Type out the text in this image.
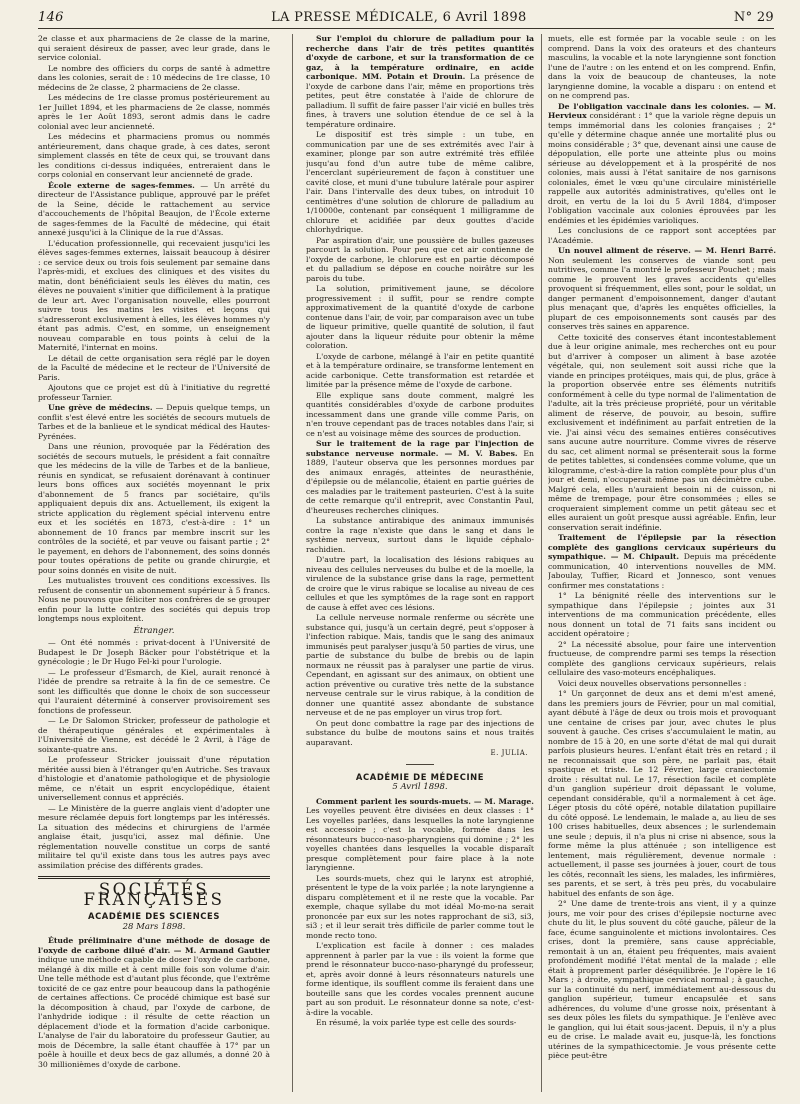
146	LA PRESSE MÉDICALE, 6 Avril 1898	N° 29

2e classe et aux pharmaciens de 2e classe de la marine, qui seraient désireux de passer, avec leur grade, dans le service colonial.

Le nombre des officiers du corps de santé à admettre dans les colonies, serait de : 10 médecins de 1re classe, 10 médecins de 2e classe, 2 pharmaciens de 2e classe.

Les médecins de 1re classe promus postérieurement au 1er Juillet 1894, et les pharmaciens de 2e classe, nommés après le 1er Août 1893, seront admis dans le cadre colonial avec leur ancienneté.

Les médecins et pharmaciens promus ou nommés antérieurement, dans chaque grade, à ces dates, seront simplement classés en tête de ceux qui, se trouvant dans les conditions ci-dessus indiquées, entreraient dans le corps colonial en conservant leur ancienneté de grade.

École externe de sages-femmes. — Un arrêté du directeur de l'Assistance publique, approuvé par le préfet de la Seine, décide le rattachement au service d'accouchements de l'hôpital Beaujon, de l'École externe de sages-femmes de la Faculté de médecine, qui était annexé jusqu'ici à la Clinique de la rue d'Assas.

L'éducation professionnelle, qui recevaient jusqu'ici les élèves sages-femmes externes, laissait beaucoup à désirer : ce service deux ou trois fois seulement par semaine dans l'après-midi, et exclues des cliniques et des visites du matin, dont bénéficiaient seuls les élèves du matin, ces élèves ne pouvaient s'initier que difficilement à la pratique de leur art. Avec l'organisation nouvelle, elles pourront suivre tous les matins les visites et leçons qui s'adresseront exclusivement à elles, les élèves hommes n'y étant pas admis. C'est, en somme, un enseignement nouveau comparable en tous points à celui de la Maternité, l'internat en moins.

Le détail de cette organisation sera réglé par le doyen de la Faculté de médecine et le recteur de l'Université de Paris.

Ajoutons que ce projet est dû à l'initiative du regretté professeur Tarnier.

Une grève de médecins. — Depuis quelque temps, un conflit s'est élevé entre les sociétés de secours mutuels de Tarbes et de la banlieue et le syndicat médical des Hautes-Pyrénées.

Dans une réunion, provoquée par la Fédération des sociétés de secours mutuels, le président a fait connaître que les médecins de la ville de Tarbes et de la banlieue, réunis en syndicat, se refusaient dorénavant à continuer leurs bons offices aux sociétés moyennant le prix d'abonnement de 5 francs par sociétaire, qu'ils appliquaient depuis dix ans. Actuellement, ils exigent la stricte application du règlement spécial intervenu entre eux et les sociétés en 1873, c'est-à-dire : 1° un abonnement de 10 francs par membre inscrit sur les contrôles de la société, et par veuve ou faisant partie ; 2° le payement, en dehors de l'abonnement, des soins donnés pour toutes opérations de petite ou grande chirurgie, et pour soins donnés en visite de nuit.

Les mutualistes trouvent ces conditions excessives. Ils refusent de consentir un abonnement supérieur à 5 francs. Nous ne pouvons que féliciter nos confrères de se grouper enfin pour la lutte contre des sociétés qui depuis trop longtemps nous exploitent.

Étranger.

— Ont été nommés : privat-docent à l'Université de Budapest le Dr Joseph Bäcker pour l'obstétrique et la gynécologie ; le Dr Hugo Fel-ki pour l'urologie.

— Le professeur d'Esmarch, de Kiel, aurait renoncé à l'idée de prendre sa retraite à la fin de ce semestre. Ce sont les difficultés que donne le choix de son successeur qui l'auraient déterminé à conserver provisoirement ses fonctions de professeur.

— Le Dr Salomon Stricker, professeur de pathologie et de thérapeutique générales et expérimentales à l'Université de Vienne, est décédé le 2 Avril, à l'âge de soixante-quatre ans.

Le professeur Stricker jouissait d'une réputation méritée aussi bien à l'étranger qu'en Autriche. Ses travaux d'histologie et d'anatomie pathologique et de physiologie même, ce n'était un esprit encyclopédique, étaient universellement connus et appréciés.

— Le Ministère de la guerre anglais vient d'adopter une mesure réclamée depuis fort longtemps par les intéressés. La situation des médecins et chirurgiens de l'armée anglaise était, jusqu'ici, assez mal définie. Une réglementation nouvelle constitue un corps de santé militaire tel qu'il existe dans tous les autres pays avec assimilation précise des différents grades.

SOCIÉTÉS FRANÇAISES
ACADÉMIE DES SCIENCES
28 Mars 1898.

Étude préliminaire d'une méthode de dosage de l'oxyde de carbone dilué d'air. — M. Armand Gautier indique une méthode capable de doser l'oxyde de carbone, mélangé à dix mille et à cent mille fois son volume d'air. Une telle méthode est d'autant plus féconde, que l'extrême toxicité de ce gaz entre pour beaucoup dans la pathogénie de certaines affections. Ce procédé chimique est basé sur la décomposition à chaud, par l'oxyde de carbone, de l'anhydride iodique : il résulte de cette réaction un déplacement d'iode et la formation d'acide carbonique. L'analyse de l'air du laboratoire du professeur Gautier, au mois de Décembre, la salle étant chauffée à 17° par un poêle à houille et deux becs de gaz allumés, a donné 20 à 30 millionièmes d'oxyde de carbone.

Sur l'emploi du chlorure de palladium pour la recherche dans l'air de très petites quantités d'oxyde de carbone, et sur la transformation de ce gaz, à la température ordinaire, en acide carbonique. MM. Potain et Drouin. La présence de l'oxyde de carbone dans l'air, même en proportions très petites, peut être constatée à l'aide de chlorure de palladium. Il suffit de faire passer l'air vicié en bulles très fines, à travers une solution étendue de ce sel à la température ordinaire.

Le dispositif est très simple : un tube, en communication par une de ses extrémités avec l'air à examiner, plonge par son autre extrémité très effilée jusqu'au fond d'un autre tube de même calibre, l'encerclant supérieurement de façon à constituer une cavité close, et muni d'une tubulure latérale pour aspirer l'air. Dans l'intervalle des deux tubes, on introduit 10 centimètres d'une solution de chlorure de palladium au 1/10000e, contenant par conséquent 1 milligramme de chlorure et acidifiée par deux gouttes d'acide chlorhydrique.

Par aspiration d'air, une poussière de bulles gazeuses parcourt la solution. Pour peu que cet air contienne de l'oxyde de carbone, le chlorure est en partie décomposé et du palladium se dépose en couche noirâtre sur les parois du tube.

La solution, primitivement jaune, se décolore progressivement : il suffit, pour se rendre compte approximativement de la quantité d'oxyde de carbone contenue dans l'air, de voir, par comparaison avec un tube de liqueur primitive, quelle quantité de solution, il faut ajouter dans la liqueur réduite pour obtenir la même coloration.

L'oxyde de carbone, mélangé à l'air en petite quantité et à la température ordinaire, se transforme lentement en acide carbonique. Cette transformation est retardée et limitée par la présence même de l'oxyde de carbone.

Elle explique sans doute comment, malgré les quantités considérables d'oxyde de carbone produites incessamment dans une grande ville comme Paris, on n'en trouve cependant pas de traces notables dans l'air, si ce n'est au voisinage même des sources de production.

Sur le traitement de la rage par l'injection de substance nerveuse normale. — M. V. Babes. En 1889, l'auteur observa que les personnes mordues par des animaux enragés, atteintes de neurasthénie, d'épilepsie ou de mélancolie, étaient en partie guéries de ces maladies par le traitement pasteurien. C'est à la suite de cette remarque qu'il entreprit, avec Constantin Paul, d'heureuses recherches cliniques.

La substance antirabique des animaux immunisés contre la rage n'existe que dans le sang et dans le système nerveux, surtout dans le liquide céphalo-rachidien.

D'autre part, la localisation des lésions rabiques au niveau des cellules nerveuses du bulbe et de la moelle, la virulence de la substance grise dans la rage, permettent de croire que le virus rabique se localise au niveau de ces cellules et que les symptômes de la rage sont en rapport de cause à effet avec ces lésions.

La cellule nerveuse normale renferme ou sécrète une substance qui, jusqu'à un certain degré, peut s'opposer à l'infection rabique. Mais, tandis que le sang des animaux immunisés peut paralyser jusqu'à 50 parties de virus, une partie de substance du bulbe de brebis ou de lapin normaux ne réussit pas à paralyser une partie de virus. Cependant, en agissant sur des animaux, on obtient une action préventive ou curative très nette de la substance nerveuse centrale sur le virus rabique, à la condition de donner une quantité assez abondante de substance nerveuse et de ne pas employer un virus trop fort.

On peut donc combattre la rage par des injections de substance du bulbe de moutons sains et nous traités auparavant.

E. JULIA.

ACADÉMIE DE MÉDECINE
5 Avril 1898.

Comment parlent les sourds-muets. — M. Marage. Les voyelles peuvent être divisées en deux classes : 1° Les voyelles parlées, dans lesquelles la note laryngienne est accessoire ; c'est la vocable, formée dans les résonnateurs bucco-naso-pharyngiens qui domine ; 2° les voyelles chantées dans lesquelles la vocable disparaît presque complètement pour faire place à la note laryngienne.

Les sourds-muets, chez qui le larynx est atrophié, présentent le type de la voix parlée ; la note laryngienne a disparu complètement et il ne reste que la vocable. Par exemple, chaque syllabe du mot idéal Mo-mo-na serait prononcée par eux sur les notes rapprochant de si3, si3, si3 ; et il leur serait très difficile de parler comme tout le monde recto tono.

L'explication est facile à donner : ces malades apprennent à parler par la vue : ils voient la forme que prend le résonnateur bucco-naso-pharyngé du professeur, et, après avoir donné à leurs résonnateurs naturels une forme identique, ils soufflent comme ils feraient dans une bouteille sans que les cordes vocales prennent aucune part au son produit. Le résonnateur donne sa note, c'est-à-dire la vocable.

En résumé, la voix parlée type est celle des sourds-

muets, elle est formée par la vocable seule : on les comprend. Dans la voix des orateurs et des chanteurs masculins, la vocable et la note laryngienne sont fonction l'une de l'autre : on les entend et on les comprend. Enfin, dans la voix de beaucoup de chanteuses, la note laryngienne domine, la vocable a disparu : on entend et on ne comprend pas.

De l'obligation vaccinale dans les colonies. — M. Hervieux considérant : 1° que la variole règne depuis un temps immémorial dans les colonies françaises ; 2° qu'elle y détermine chaque année une mortalité plus ou moins considérable ; 3° que, devenant ainsi une cause de dépopulation, elle porte une atteinte plus ou moins sérieuse au développement et à la prospérité de nos colonies, mais aussi à l'état sanitaire de nos garnisons coloniales, émet le vœu qu'une circulaire ministérielle rappelle aux autorités administratives, qu'elles ont le droit, en vertu de la loi du 5 Avril 1884, d'imposer l'obligation vaccinale aux colonies éprouvées par les endémies et les épidémies varioliques.

Les conclusions de ce rapport sont acceptées par l'Académie.

Un nouvel aliment de réserve. — M. Henri Barré. Non seulement les conserves de viande sont peu nutritives, comme l'a montré le professeur Pouchet ; mais comme le prouvent les graves accidents qu'elles provoquent si fréquemment, elles sont, pour le soldat, un danger permanent d'empoisonnement, danger d'autant plus menaçant que, d'après les enquêtes officielles, la plupart de ces empoisonnements sont causés par des conserves très saines en apparence.

Cette toxicité des conserves étant incontestablement due à leur origine animale, mes recherches ont eu pour but d'arriver à composer un aliment à base azotée végétale, qui, non seulement soit aussi riche que la viande en principes protéiques, mais qui, de plus, grâce à la proportion observée entre ses éléments nutritifs conformément à celle du type normal de l'alimentation de l'adulte, ait la très précieuse propriété, pour un véritable aliment de réserve, de pouvoir, au besoin, suffire exclusivement et indéfiniment au parfait entretien de la vie. J'ai ainsi vécu des semaines entières consécutives sans aucune autre nourriture. Comme vivres de réserve du sac, cet aliment normal se présenterait sous la forme de petites tablettes, si condensées comme volume, que un kilogramme, c'est-à-dire la ration complète pour plus d'un jour et demi, n'occuperait même pas un décimètre cube. Malgré cela, elles n'auraient besoin ni de cuisson, ni même de trempage, pour être consommées ; elles se croqueraient simplement comme un petit gâteau sec et elles auraient un goût presque aussi agréable. Enfin, leur conservation serait indéfinie.

Traitement de l'épilepsie par la résection complète des ganglions cervicaux supérieurs du sympathique. — M. Chipault. Depuis ma précédente communication, 40 interventions nouvelles de MM. Jaboulay, Tuffier, Ricard et Jonnesco, sont venues confirmer mes constatations :

1° La bénignité réelle des interventions sur le sympathique dans l'épilepsie ; jointes aux 31 interventions de ma communication précédente, elles nous donnent un total de 71 faits sans incident ou accident opératoire ;

2° La nécessité absolue, pour faire une intervention fructueuse, de comprendre parmi ses temps la résection complète des ganglions cervicaux supérieurs, relais cellulaire des vaso-moteurs encéphaliques.

Voici deux nouvelles observations personnelles :

1° Un garçonnet de deux ans et demi m'est amené, dans les premiers jours de Février, pour un mal comitial, ayant débuté à l'âge de deux ou trois mois et provoquant une centaine de crises par jour, avec chutes le plus souvent à gauche. Ces crises s'accumulaient le matin, au nombre de 15 à 20, en une sorte d'état de mal qui durait parfois plusieurs heures. L'enfant était très en retard ; il ne reconnaissait que son père, ne parlait pas, était spastique et triste. Le 12 Février, large craniectomie droite : résultat nul. Le 17, résection facile et complète d'un ganglion supérieur droit dépassant le volume, cependant considérable, qu'il a normalement à cet âge. Léger ptosis du côté opéré, notable dilatation pupillaire du côté opposé. Le lendemain, le malade a, au lieu de ses 100 crises habituelles, deux absences ; le surlendemain une seule ; depuis, il n'a plus ni crise ni absence, sous la forme même la plus atténuée ; son intelligence est lentement, mais régulièrement, devenue normale : actuellement, il passe ses journées à jouer, court de tous les côtés, reconnaît les siens, les malades, les infirmières, ses parents, et se sert, à très peu près, du vocabulaire habituel des enfants de son âge.

2° Une dame de trente-trois ans vient, il y a quinze jours, me voir pour des crises d'épilepsie nocturne avec chute du lit, le plus souvent du côté gauche, pâleur de la face, écume sanguinolente et mictions involontaires. Ces crises, dont la première, sans cause appréciable, remontait à un an, étaient peu fréquentes, mais avaient profondément modifié l'état mental de la malade ; elle était à proprement parler déséquilibrée. Je l'opère le 16 Mars ; à droite, sympathique cervical normal ; à gauche, sur la continuité du nerf, immédiatement au-dessous du ganglion supérieur, tumeur encapsulée et sans adhérences, du volume d'une grosse noix, présentant à ses deux pôles les filets du sympathique. Je l'enlève avec le ganglion, qui lui était sous-jacent. Depuis, il n'y a plus eu de crise. Le malade avait eu, jusque-là, les fonctions utérines de la sympathicectomie. Je vous présente cette pièce peut-être
